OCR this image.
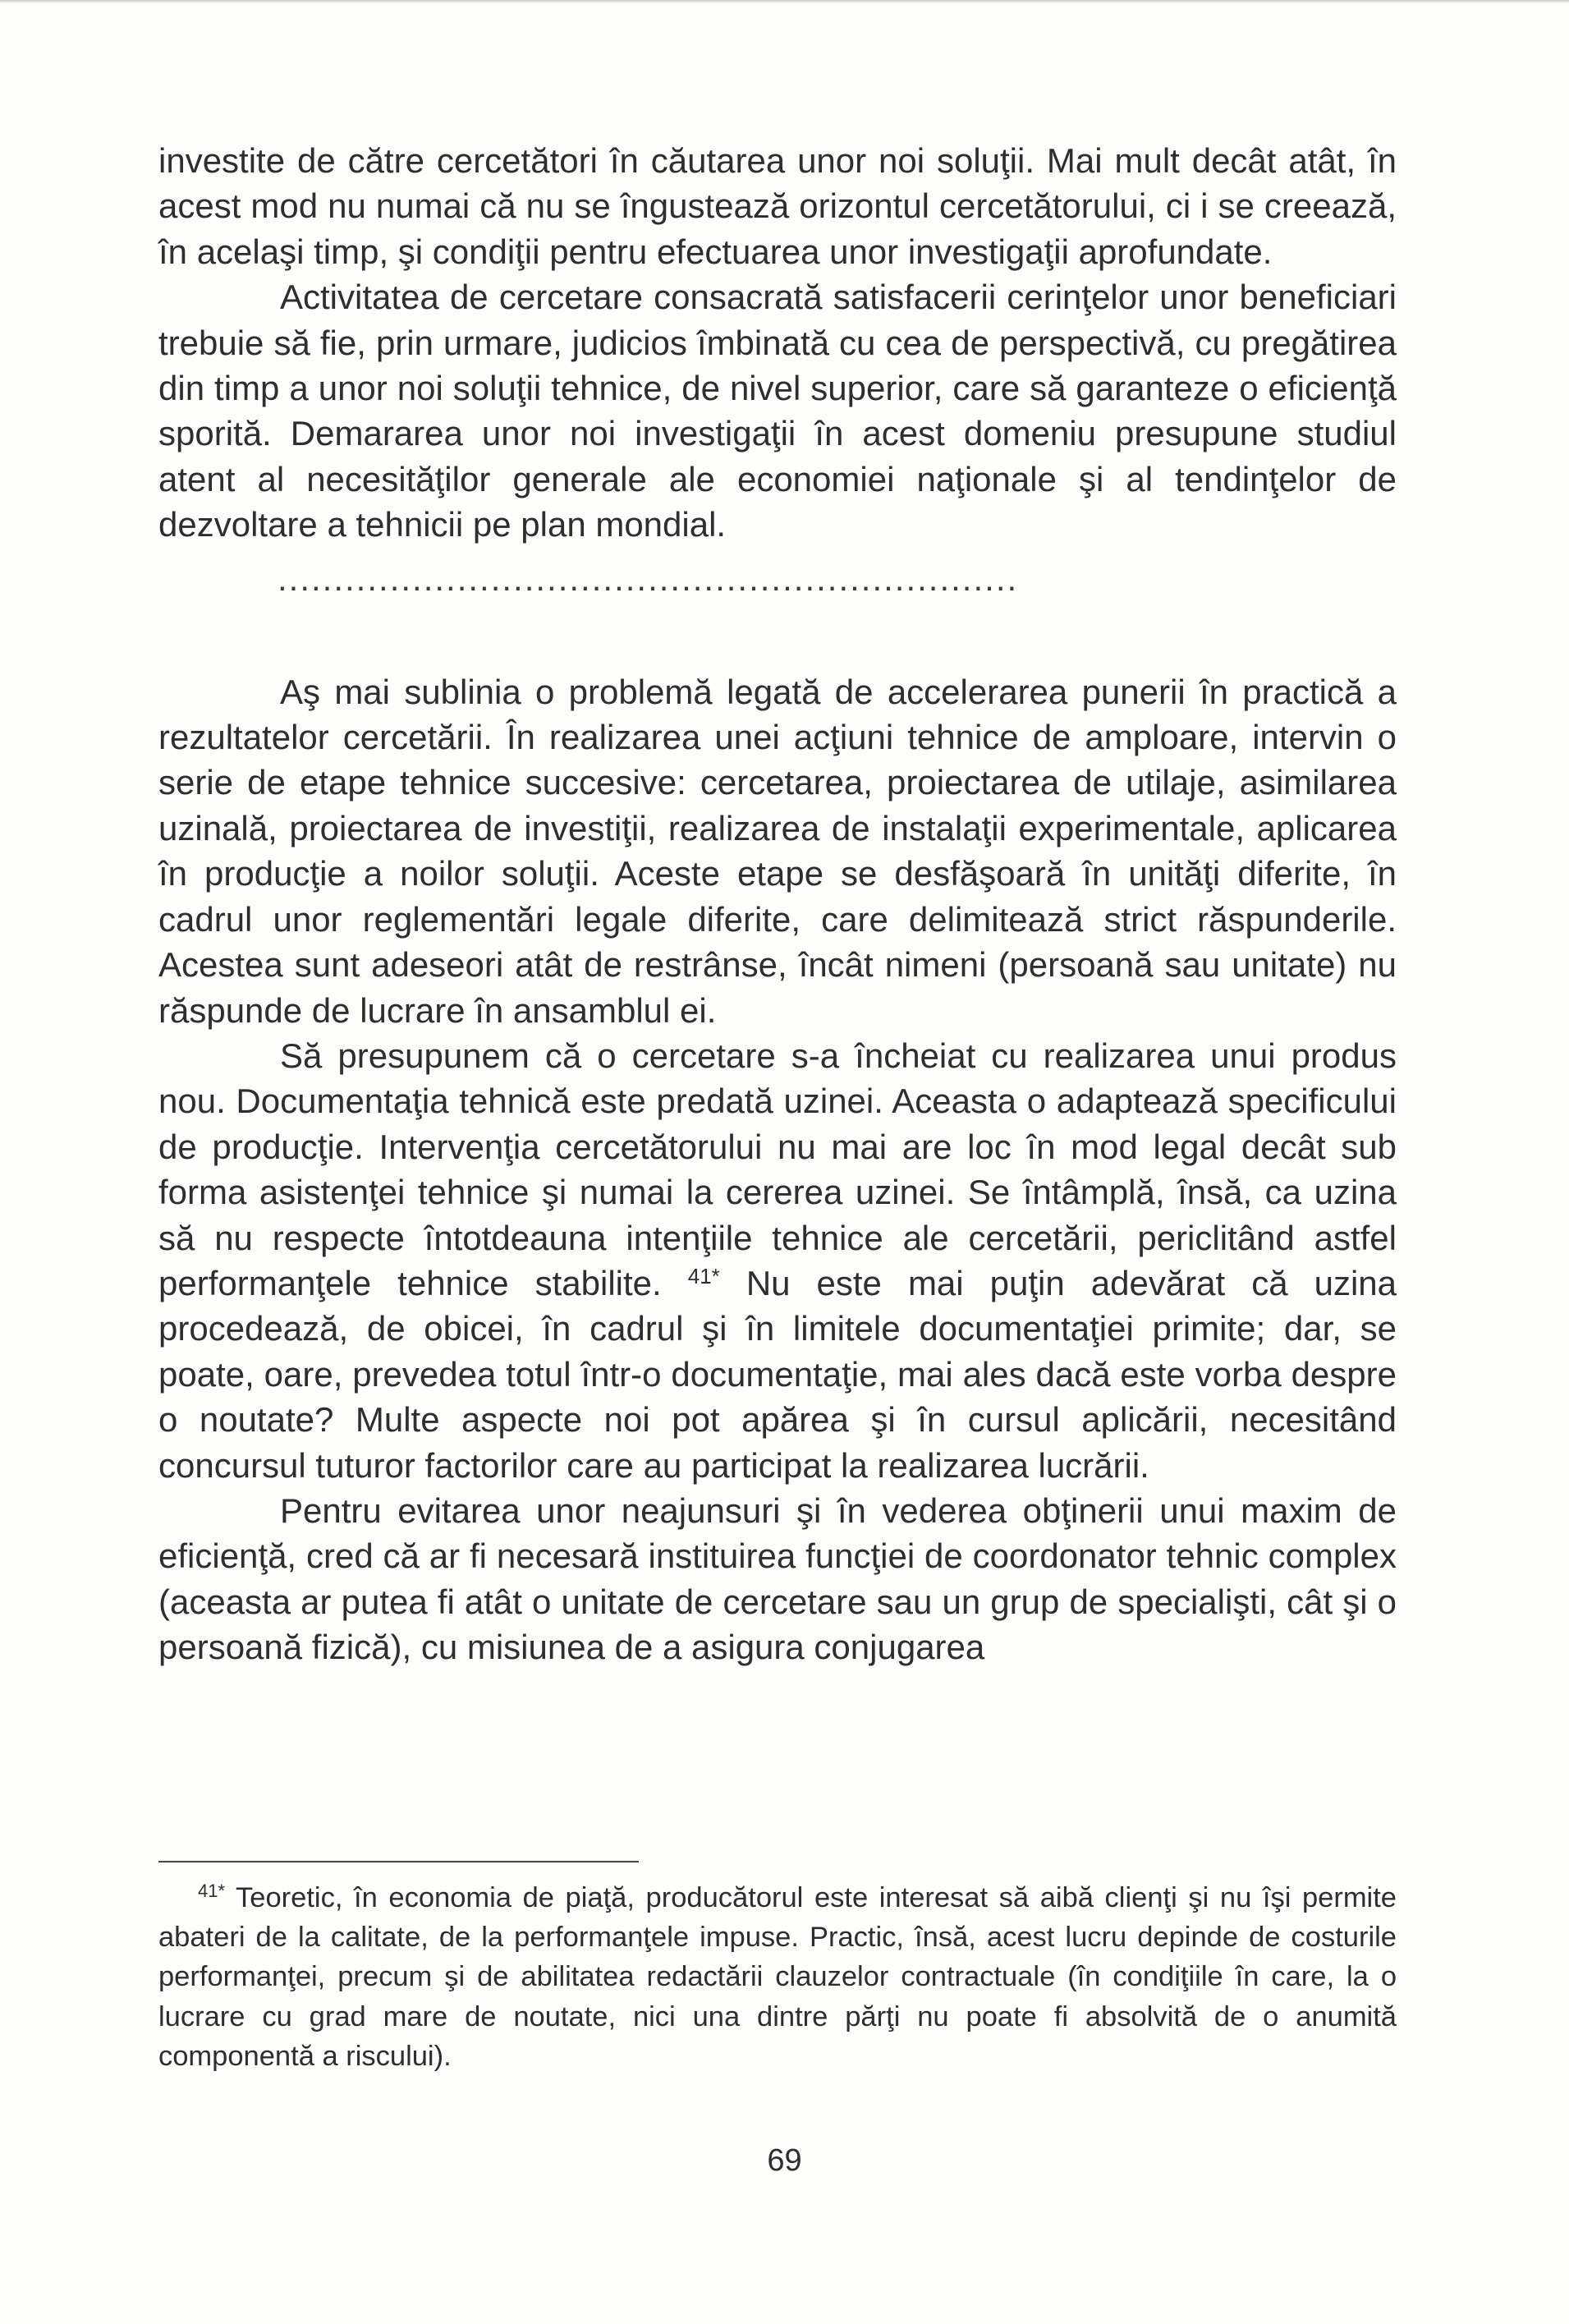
investite de către cercetători în căutarea unor noi soluţii. Mai mult decât atât, în acest mod nu numai că nu se îngustează orizontul cercetătorului, ci i se creează, în acelaşi timp, şi condiţii pentru efectuarea unor investigaţii aprofundate.

Activitatea de cercetare consacrată satisfacerii cerinţelor unor beneficiari trebuie să fie, prin urmare, judicios îmbinată cu cea de perspectivă, cu pregătirea din timp a unor noi soluţii tehnice, de nivel superior, care să garanteze o eficienţă sporită. Demararea unor noi investigaţii în acest domeniu presupune studiul atent al necesităţilor generale ale economiei naţionale şi al tendinţelor de dezvoltare a tehnicii pe plan mondial.

..................................................................

Aş mai sublinia o problemă legată de accelerarea punerii în practică a rezultatelor cercetării. În realizarea unei acţiuni tehnice de amploare, intervin o serie de etape tehnice succesive: cercetarea, proiectarea de utilaje, asimilarea uzinală, proiectarea de investiţii, realizarea de instalaţii experimentale, aplicarea în producţie a noilor soluţii. Aceste etape se desfăşoară în unităţi diferite, în cadrul unor reglementări legale diferite, care delimitează strict răspunderile. Acestea sunt adeseori atât de restrânse, încât nimeni (persoană sau unitate) nu răspunde de lucrare în ansamblul ei.

Să presupunem că o cercetare s-a încheiat cu realizarea unui produs nou. Documentaţia tehnică este predată uzinei. Aceasta o adaptează specificului de producţie. Intervenţia cercetătorului nu mai are loc în mod legal decât sub forma asistenţei tehnice şi numai la cererea uzinei. Se întâmplă, însă, ca uzina să nu respecte întotdeauna intenţiile tehnice ale cercetării, periclitând astfel performanţele tehnice stabilite. $^{41*}$ Nu este mai puţin adevărat că uzina procedează, de obicei, în cadrul şi în limitele documentaţiei primite; dar, se poate, oare, prevedea totul într-o documentaţie, mai ales dacă este vorba despre o noutate? Multe aspecte noi pot apărea şi în cursul aplicării, necesitând concursul tuturor factorilor care au participat la realizarea lucrării.

Pentru evitarea unor neajunsuri şi în vederea obţinerii unui maxim de eficienţă, cred că ar fi necesară instituirea funcţiei de coordonator tehnic complex (aceasta ar putea fi atât o unitate de cercetare sau un grup de specialişti, cât şi o persoană fizică), cu misiunea de a asigura conjugarea

$^{41*}$ Teoretic, în economia de piaţă, producătorul este interesat să aibă clienţi şi nu îşi permite abateri de la calitate, de la performanţele impuse. Practic, însă, acest lucru depinde de costurile performanţei, precum şi de abilitatea redactării clauzelor contractuale (în condiţiile în care, la o lucrare cu grad mare de noutate, nici una dintre părţi nu poate fi absolvită de o anumită componentă a riscului).

69
